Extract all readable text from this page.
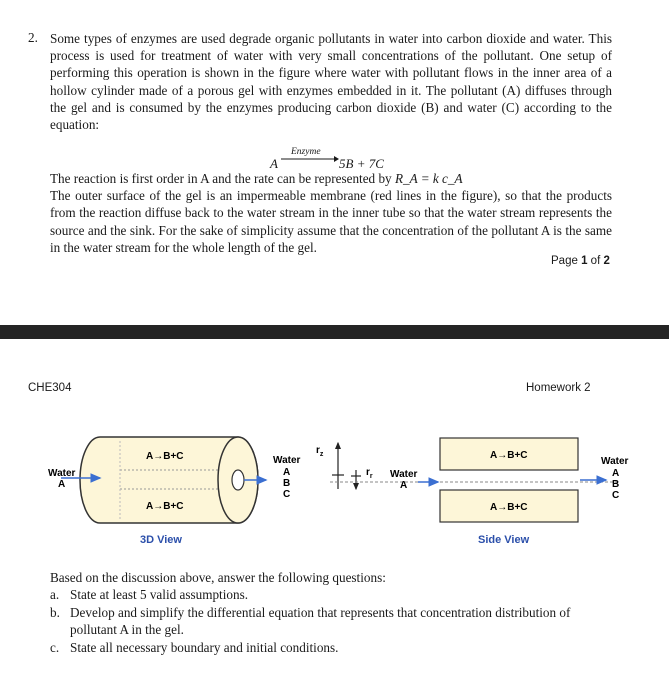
2. Some types of enzymes are used degrade organic pollutants in water into carbon dioxide and water. This process is used for treatment of water with very small concentrations of the pollutant. One setup of performing this operation is shown in the figure where water with pollutant flows in the inner area of a hollow cylinder made of a porous gel with enzymes embedded in it. The pollutant (A) diffuses through the gel and is consumed by the enzymes producing carbon dioxide (B) and water (C) according to the equation:

A
Enzyme
5B + 7C

The reaction is first order in A and the rate can be represented by R_A = k c_A

The outer surface of the gel is an impermeable membrane (red lines in the figure), so that the products from the reaction diffuse back to the water stream in the inner tube so that the water stream represents the source and the sink. For the sake of simplicity assume that the concentration of the pollutant A is the same in the water stream for the whole length of the gel.

Page 1 of 2
CHE304	Homework 2
A→B+C
A→B+C
Water
A
Water
A
B
C
3D View
$r_z$
$r_r$ Water
A
A→B+C
A→B+C
Water
A
B
C
Side View

Based on the discussion above, answer the following questions:

a. State at least 5 valid assumptions.
b. Develop and simplify the differential equation that represents that concentration distribution of pollutant A in the gel.
c. State all necessary boundary and initial conditions.
